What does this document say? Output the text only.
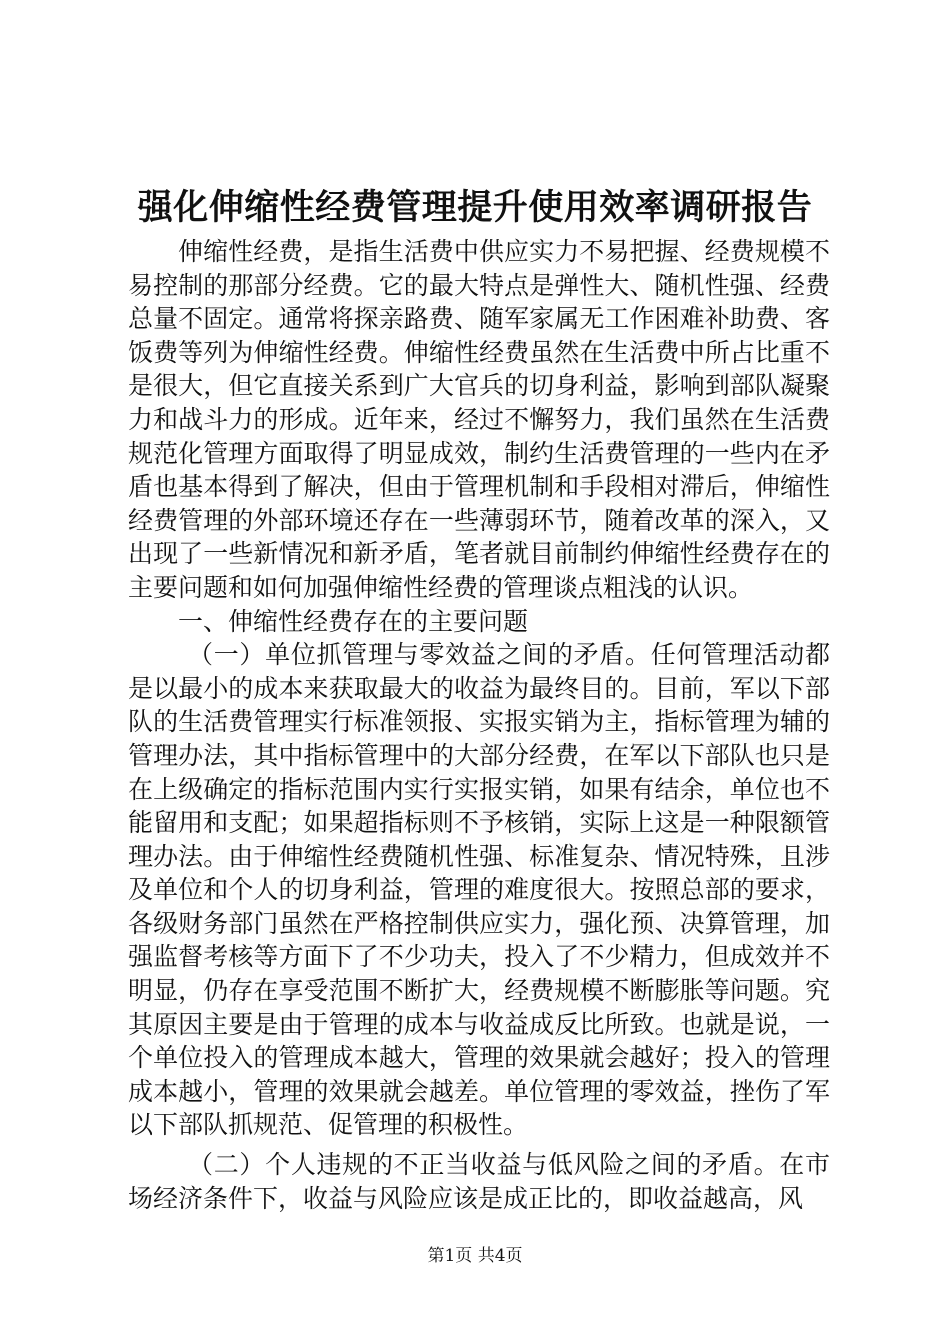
强化伸缩性经费管理提升使用效率调研报告

伸缩性经费，是指生活费中供应实力不易把握、经费规模不易控制的那部分经费。它的最大特点是弹性大、随机性强、经费总量不固定。通常将探亲路费、随军家属无工作困难补助费、客饭费等列为伸缩性经费。伸缩性经费虽然在生活费中所占比重不是很大，但它直接关系到广大官兵的切身利益，影响到部队凝聚力和战斗力的形成。近年来，经过不懈努力，我们虽然在生活费规范化管理方面取得了明显成效，制约生活费管理的一些内在矛盾也基本得到了解决，但由于管理机制和手段相对滞后，伸缩性经费管理的外部环境还存在一些薄弱环节，随着改革的深入，又出现了一些新情况和新矛盾，笔者就目前制约伸缩性经费存在的主要问题和如何加强伸缩性经费的管理谈点粗浅的认识。

一、伸缩性经费存在的主要问题

（一）单位抓管理与零效益之间的矛盾。任何管理活动都是以最小的成本来获取最大的收益为最终目的。目前，军以下部队的生活费管理实行标准领报、实报实销为主，指标管理为辅的管理办法，其中指标管理中的大部分经费，在军以下部队也只是在上级确定的指标范围内实行实报实销，如果有结余，单位也不能留用和支配；如果超指标则不予核销，实际上这是一种限额管理办法。由于伸缩性经费随机性强、标准复杂、情况特殊，且涉及单位和个人的切身利益，管理的难度很大。按照总部的要求，各级财务部门虽然在严格控制供应实力，强化预、决算管理，加强监督考核等方面下了不少功夫，投入了不少精力，但成效并不明显，仍存在享受范围不断扩大，经费规模不断膨胀等问题。究其原因主要是由于管理的成本与收益成反比所致。也就是说，一个单位投入的管理成本越大，管理的效果就会越好；投入的管理成本越小，管理的效果就会越差。单位管理的零效益，挫伤了军以下部队抓规范、促管理的积极性。

（二）个人违规的不正当收益与低风险之间的矛盾。在市场经济条件下，收益与风险应该是成正比的，即收益越高，风

第1页 共4页
